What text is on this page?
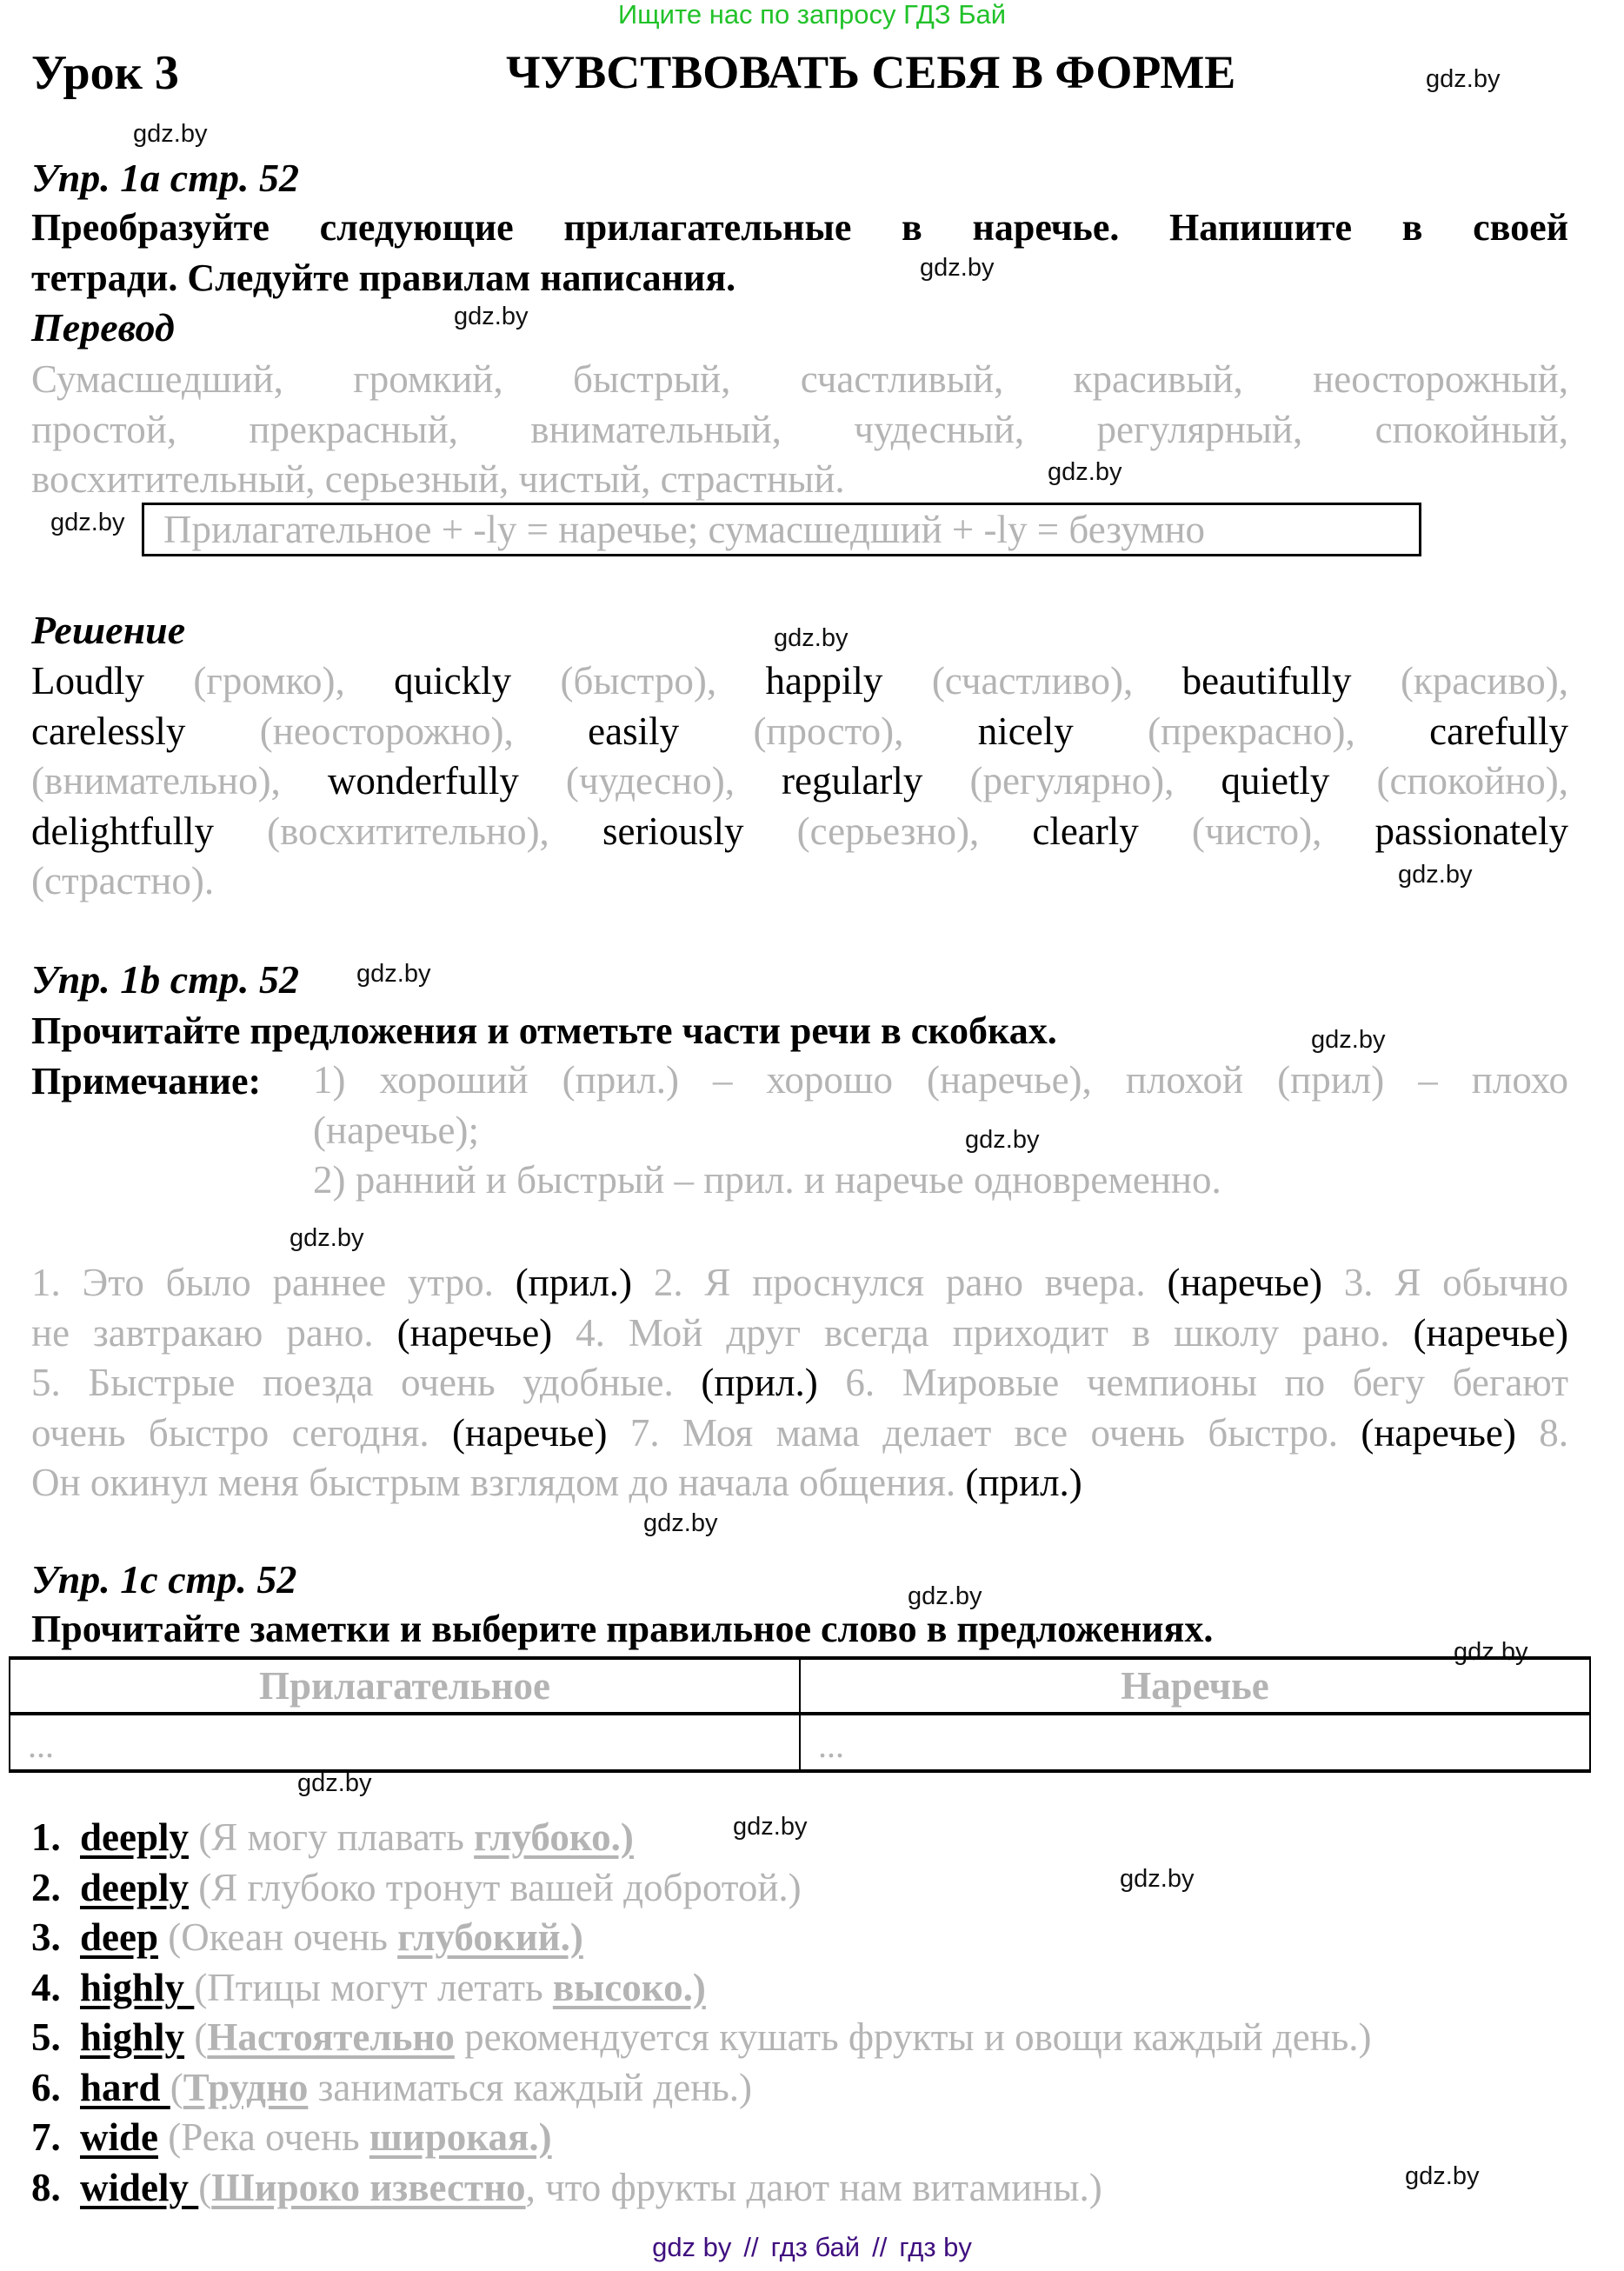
Ищите нас по запросу ГДЗ Бай
Урок 3	ЧУВСТВОВАТЬ СЕБЯ В ФОРМЕ	gdz.by
gdz.by
gdz.by
gdz.by
gdz.by
gdz.by
gdz.by
gdz.by
gdz.by
gdz.by
gdz.by
gdz.by
gdz.by
gdz.by
gdz.by
gdz.by
gdz.by
gdz.by
gdz.by
Упр. 1a стр. 52
Преобразуйте следующие прилагательные в наречье. Напишите в своей
тетради. Следуйте правилам написания.
Перевод
Сумасшедший, громкий, быстрый, счастливый, красивый, неосторожный,
простой, прекрасный, внимательный, чудесный, регулярный, спокойный,
восхитительный, серьезный, чистый, страстный.
Прилагательное + -ly = наречье; сумасшедший + -ly = безумно
Решение
Loudly (громко), quickly (быстро), happily (счастливо), beautifully (красиво),
carelessly (неосторожно), easily (просто), nicely (прекрасно), carefully
(внимательно), wonderfully (чудесно), regularly (регулярно), quietly (спокойно),
delightfully (восхитительно), seriously (серьезно), clearly (чисто), passionately
(страстно).
Упр. 1b стр. 52
Прочитайте предложения и отметьте части речи в скобках.
Примечание: 1) хороший (прил.) – хорошо (наречье), плохой (прил) – плохо
(наречье);
2) ранний и быстрый – прил. и наречье одновременно.
1. Это было раннее утро. (прил.) 2. Я проснулся рано вчера. (наречье) 3. Я обычно
не завтракаю рано. (наречье) 4. Мой друг всегда приходит в школу рано. (наречье)
5. Быстрые поезда очень удобные. (прил.) 6. Мировые чемпионы по бегу бегают
очень быстро сегодня. (наречье) 7. Моя мама делает все очень быстро. (наречье) 8.
Он окинул меня быстрым взглядом до начала общения. (прил.)
Упр. 1c стр. 52
Прочитайте заметки и выберите правильное слово в предложениях.
Прилагательное	Наречье
...	...
1. deeply (Я могу плавать глубоко.)
2. deeply (Я глубоко тронут вашей добротой.)
3. deep (Океан очень глубокий.)
4. highly (Птицы могут летать высоко.)
5. highly (Настоятельно рекомендуется кушать фрукты и овощи каждый день.)
6. hard (Трудно заниматься каждый день.)
7. wide (Река очень широкая.)
8. widely (Широко известно, что фрукты дают нам витамины.)
gdz by // гдз бай // гдз by
